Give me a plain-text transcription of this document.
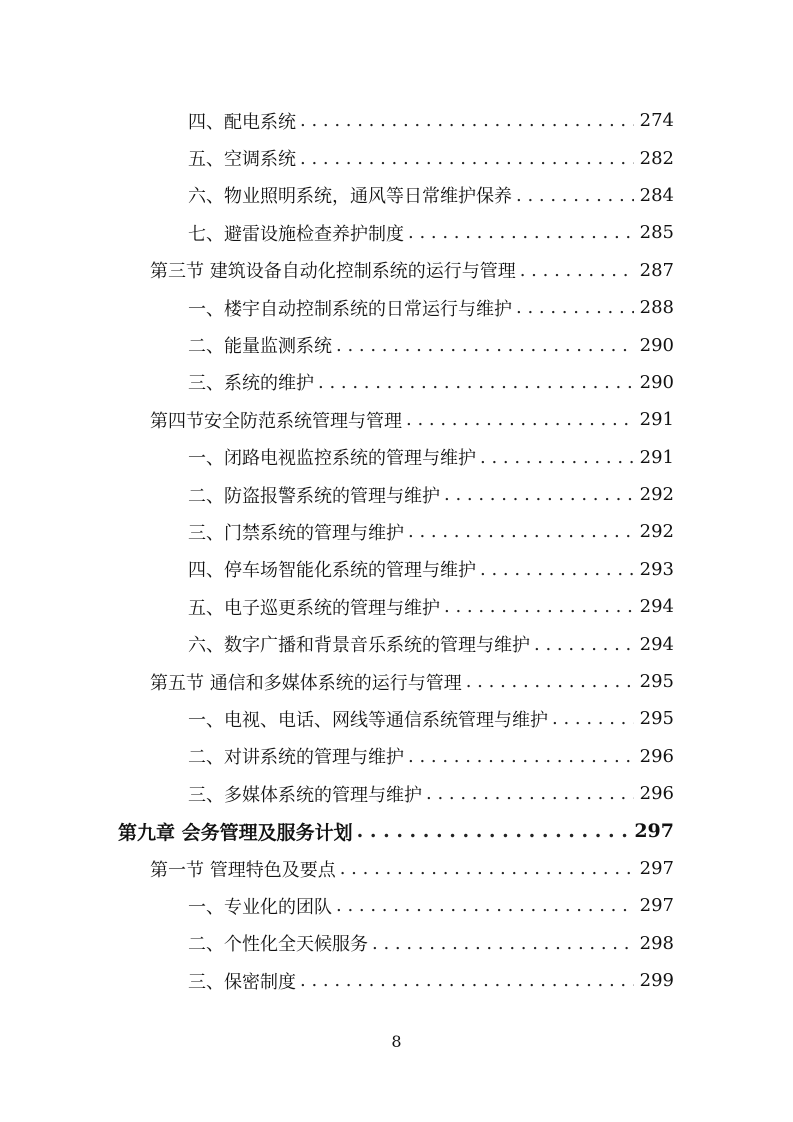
四、配电系统 . . .	274
五、空调系统 . . .	282
六、物业照明系统，通风等日常维护保养 . . .	284
七、避雷设施检查养护制度 . . .	285
第三节 建筑设备自动化控制系统的运行与管理 . . .	287
一、楼宇自动控制系统的日常运行与维护 . . .	288
二、能量监测系统 . . .	290
三、系统的维护 . . .	290
第四节安全防范系统管理与管理 . . .	291
一、闭路电视监控系统的管理与维护 . . .	291
二、防盗报警系统的管理与维护 . . .	292
三、门禁系统的管理与维护 . . .	292
四、停车场智能化系统的管理与维护 . . .	293
五、电子巡更系统的管理与维护 . . .	294
六、数字广播和背景音乐系统的管理与维护 . . .	294
第五节 通信和多媒体系统的运行与管理 . . .	295
一、电视、电话、网线等通信系统管理与维护 . . .	295
二、对讲系统的管理与维护 . . .	296
三、多媒体系统的管理与维护 . . .	296
第九章 会务管理及服务计划 . . .	297
第一节 管理特色及要点 . . .	297
一、专业化的团队 . . .	297
二、个性化全天候服务 . . .	298
三、保密制度 . . .	299
8
